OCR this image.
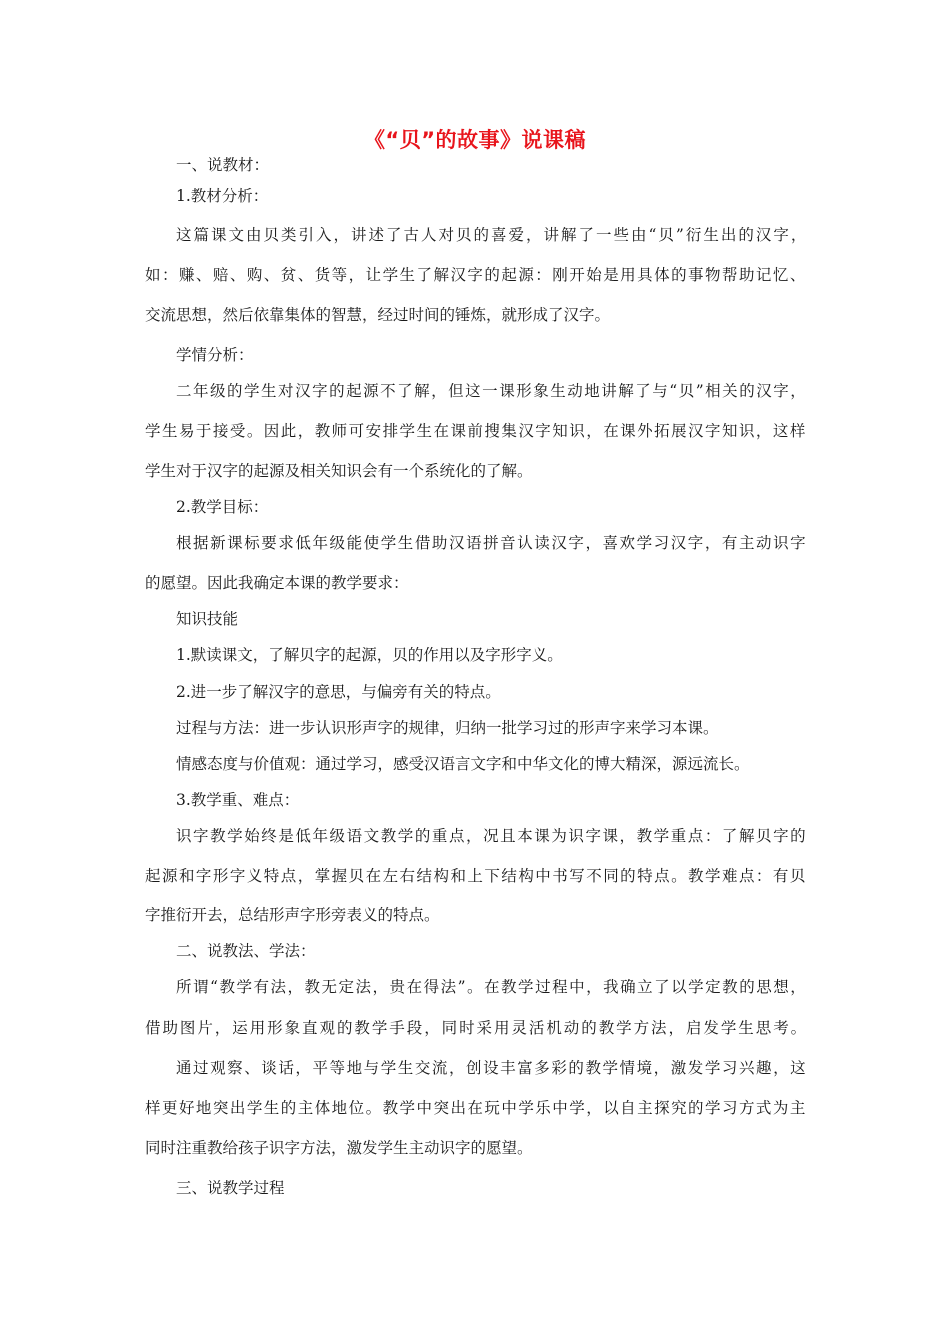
《“贝”的故事》说课稿
一、说教材：
1.教材分析：
这篇课文由贝类引入，讲述了古人对贝的喜爱，讲解了一些由“贝”衍生出的汉字，
如：赚、赔、购、贫、货等，让学生了解汉字的起源：刚开始是用具体的事物帮助记忆、
交流思想，然后依靠集体的智慧，经过时间的锤炼，就形成了汉字。
学情分析：
二年级的学生对汉字的起源不了解，但这一课形象生动地讲解了与“贝”相关的汉字，
学生易于接受。因此，教师可安排学生在课前搜集汉字知识，在课外拓展汉字知识，这样
学生对于汉字的起源及相关知识会有一个系统化的了解。
2.教学目标：
根据新课标要求低年级能使学生借助汉语拼音认读汉字，喜欢学习汉字，有主动识字
的愿望。因此我确定本课的教学要求：
知识技能
1.默读课文，了解贝字的起源，贝的作用以及字形字义。
2.进一步了解汉字的意思，与偏旁有关的特点。
过程与方法：进一步认识形声字的规律，归纳一批学习过的形声字来学习本课。
情感态度与价值观：通过学习，感受汉语言文字和中华文化的博大精深，源远流长。
3.教学重、难点：
识字教学始终是低年级语文教学的重点，况且本课为识字课，教学重点：了解贝字的
起源和字形字义特点，掌握贝在左右结构和上下结构中书写不同的特点。教学难点：有贝
字推衍开去，总结形声字形旁表义的特点。
二、说教法、学法：
所谓“教学有法，教无定法，贵在得法”。在教学过程中，我确立了以学定教的思想，
借助图片，运用形象直观的教学手段，同时采用灵活机动的教学方法，启发学生思考。
通过观察、谈话，平等地与学生交流，创设丰富多彩的教学情境，激发学习兴趣，这
样更好地突出学生的主体地位。教学中突出在玩中学乐中学，以自主探究的学习方式为主
同时注重教给孩子识字方法，激发学生主动识字的愿望。
三、说教学过程
